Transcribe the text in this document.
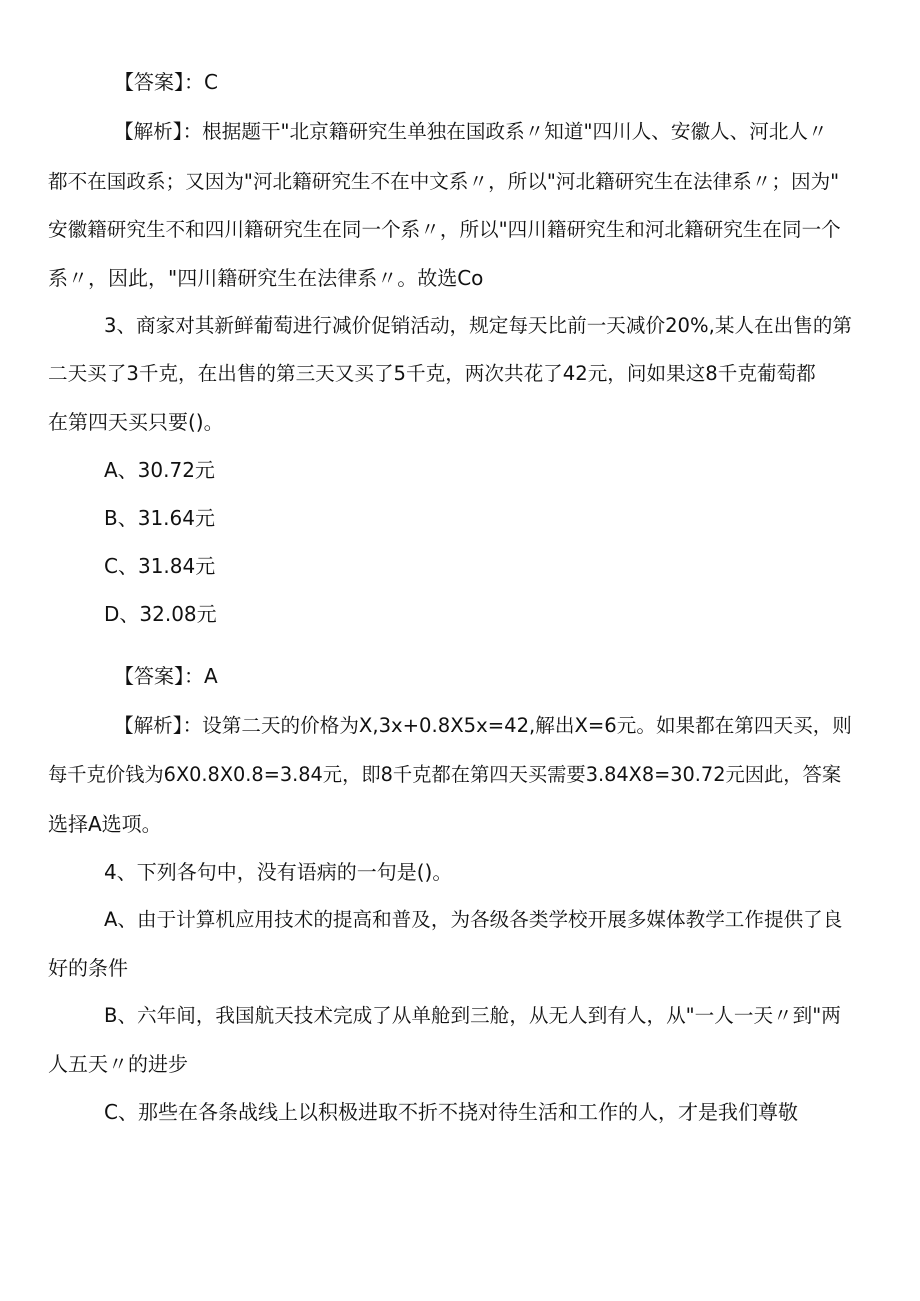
【答案】：C
【解析】：根据题干"北京籍研究生单独在国政系〃知道"四川人、安徽人、河北人〃
都不在国政系；又因为"河北籍研究生不在中文系〃，所以"河北籍研究生在法律系〃；因为"
安徽籍研究生不和四川籍研究生在同一个系〃，所以"四川籍研究生和河北籍研究生在同一个
系〃，因此，"四川籍研究生在法律系〃。故选Co
3、商家对其新鲜葡萄进行减价促销活动，规定每天比前一天减价20%,某人在出售的第
二天买了3千克，在出售的第三天又买了5千克，两次共花了42元，问如果这8千克葡萄都
在第四天买只要()。
A、30.72元
B、31.64元
C、31.84元
D、32.08元
【答案】：A
【解析】：设第二天的价格为X,3x+0.8X5x=42,解出X=6元。如果都在第四天买，则
每千克价钱为6X0.8X0.8=3.84元，即8千克都在第四天买需要3.84X8=30.72元因此，答案
选择A选项。
4、下列各句中，没有语病的一句是()。
A、由于计算机应用技术的提高和普及，为各级各类学校开展多媒体教学工作提供了良
好的条件
B、六年间，我国航天技术完成了从单舱到三舱，从无人到有人，从"一人一天〃到"两
人五天〃的进步
C、那些在各条战线上以积极进取不折不挠对待生活和工作的人，才是我们尊敬
